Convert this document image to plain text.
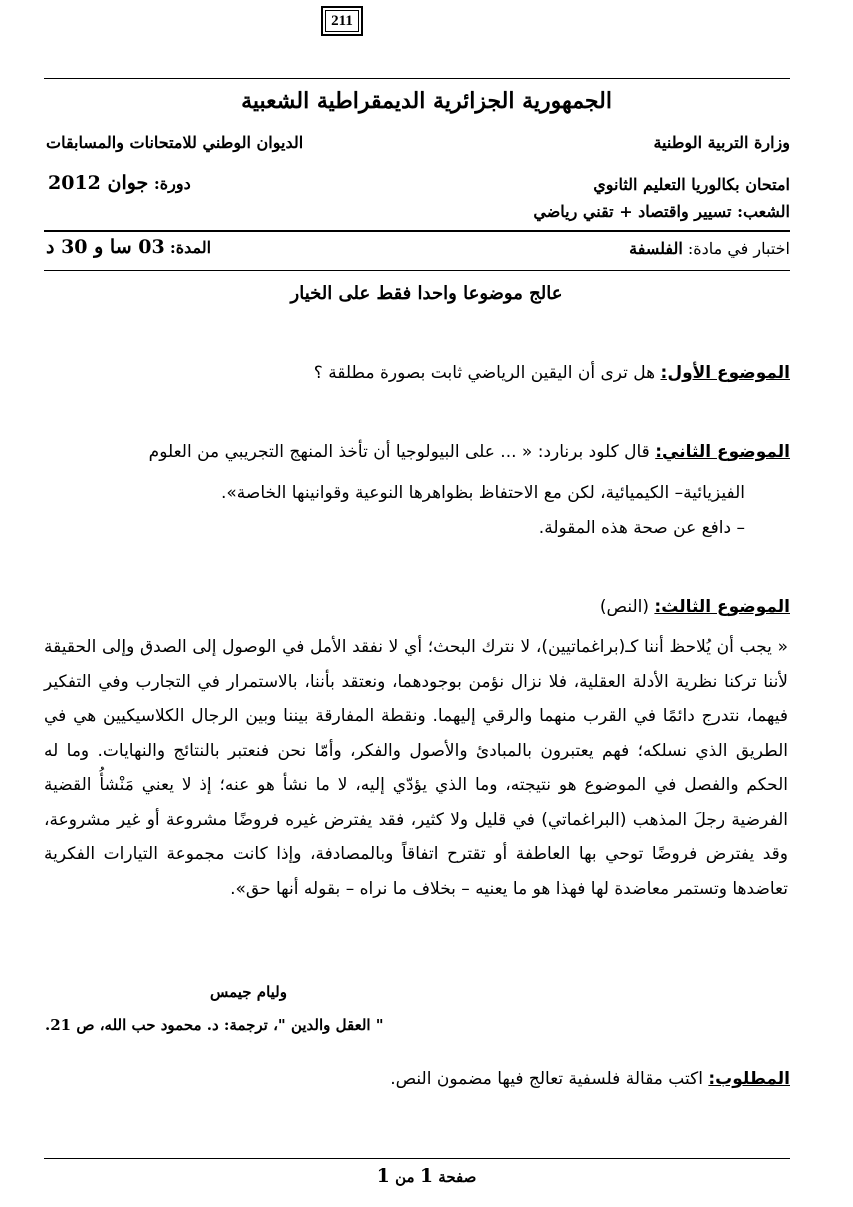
211
الجمهورية الجزائرية الديمقراطية الشعبية
وزارة التربية الوطنية
الديوان الوطني للامتحانات والمسابقات
امتحان بكالوريا التعليم الثانوي
دورة: جوان 2012
الشعب: تسيير واقتصاد + تقني رياضي
اختبار في مادة: الفلسفة
المدة: 03 سا و 30 د
عالج موضوعا واحدا فقط على الخيار
الموضوع الأول: هل ترى أن اليقين الرياضي ثابت بصورة مطلقة ؟
الموضوع الثاني: قال كلود برنارد: « ... على البيولوجيا أن تأخذ المنهج التجريبي من العلوم
الفيزيائية– الكيميائية، لكن مع الاحتفاظ بظواهرها النوعية وقوانينها الخاصة».
– دافع عن صحة هذه المقولة.
الموضوع الثالث: (النص)

« يجب أن يُلاحظ أننا كـ(براغماتيين)، لا نترك البحث؛ أي لا نفقد الأمل في الوصول إلى الصدق وإلى الحقيقة لأننا تركنا نظرية الأدلة العقلية، فلا نزال نؤمن بوجودهما، ونعتقد بأننا، بالاستمرار في التجارب وفي التفكير فيهما، نتدرج دائمًا في القرب منهما والرقي إليهما. ونقطة المفارقة بيننا وبين الرجال الكلاسيكيين هي في الطريق الذي نسلكه؛ فهم يعتبرون بالمبادئ والأصول والفكر، وأمّا نحن فنعتبر بالنتائج والنهايات. وما له الحكم والفصل في الموضوع هو نتيجته، وما الذي يؤدّي إليه، لا ما نشأ هو عنه؛ إذ لا يعني مَنْشأُ القضية الفرضية رجلَ المذهب (البراغماتي) في قليل ولا كثير، فقد يفترض غيره فروضًا مشروعة أو غير مشروعة، وقد يفترض فروضًا توحي بها العاطفة أو تقترح اتفاقاً وبالمصادفة، وإذا كانت مجموعة التيارات الفكرية تعاضدها وتستمر معاضدة لها فهذا هو ما يعنيه – بخلاف ما نراه – بقوله أنها حق».

وليام جيمس
" العقل والدين "، ترجمة: د. محمود حب الله، ص 21.
المطلوب: اكتب مقالة فلسفية تعالج فيها مضمون النص.
صفحة 1 من 1
